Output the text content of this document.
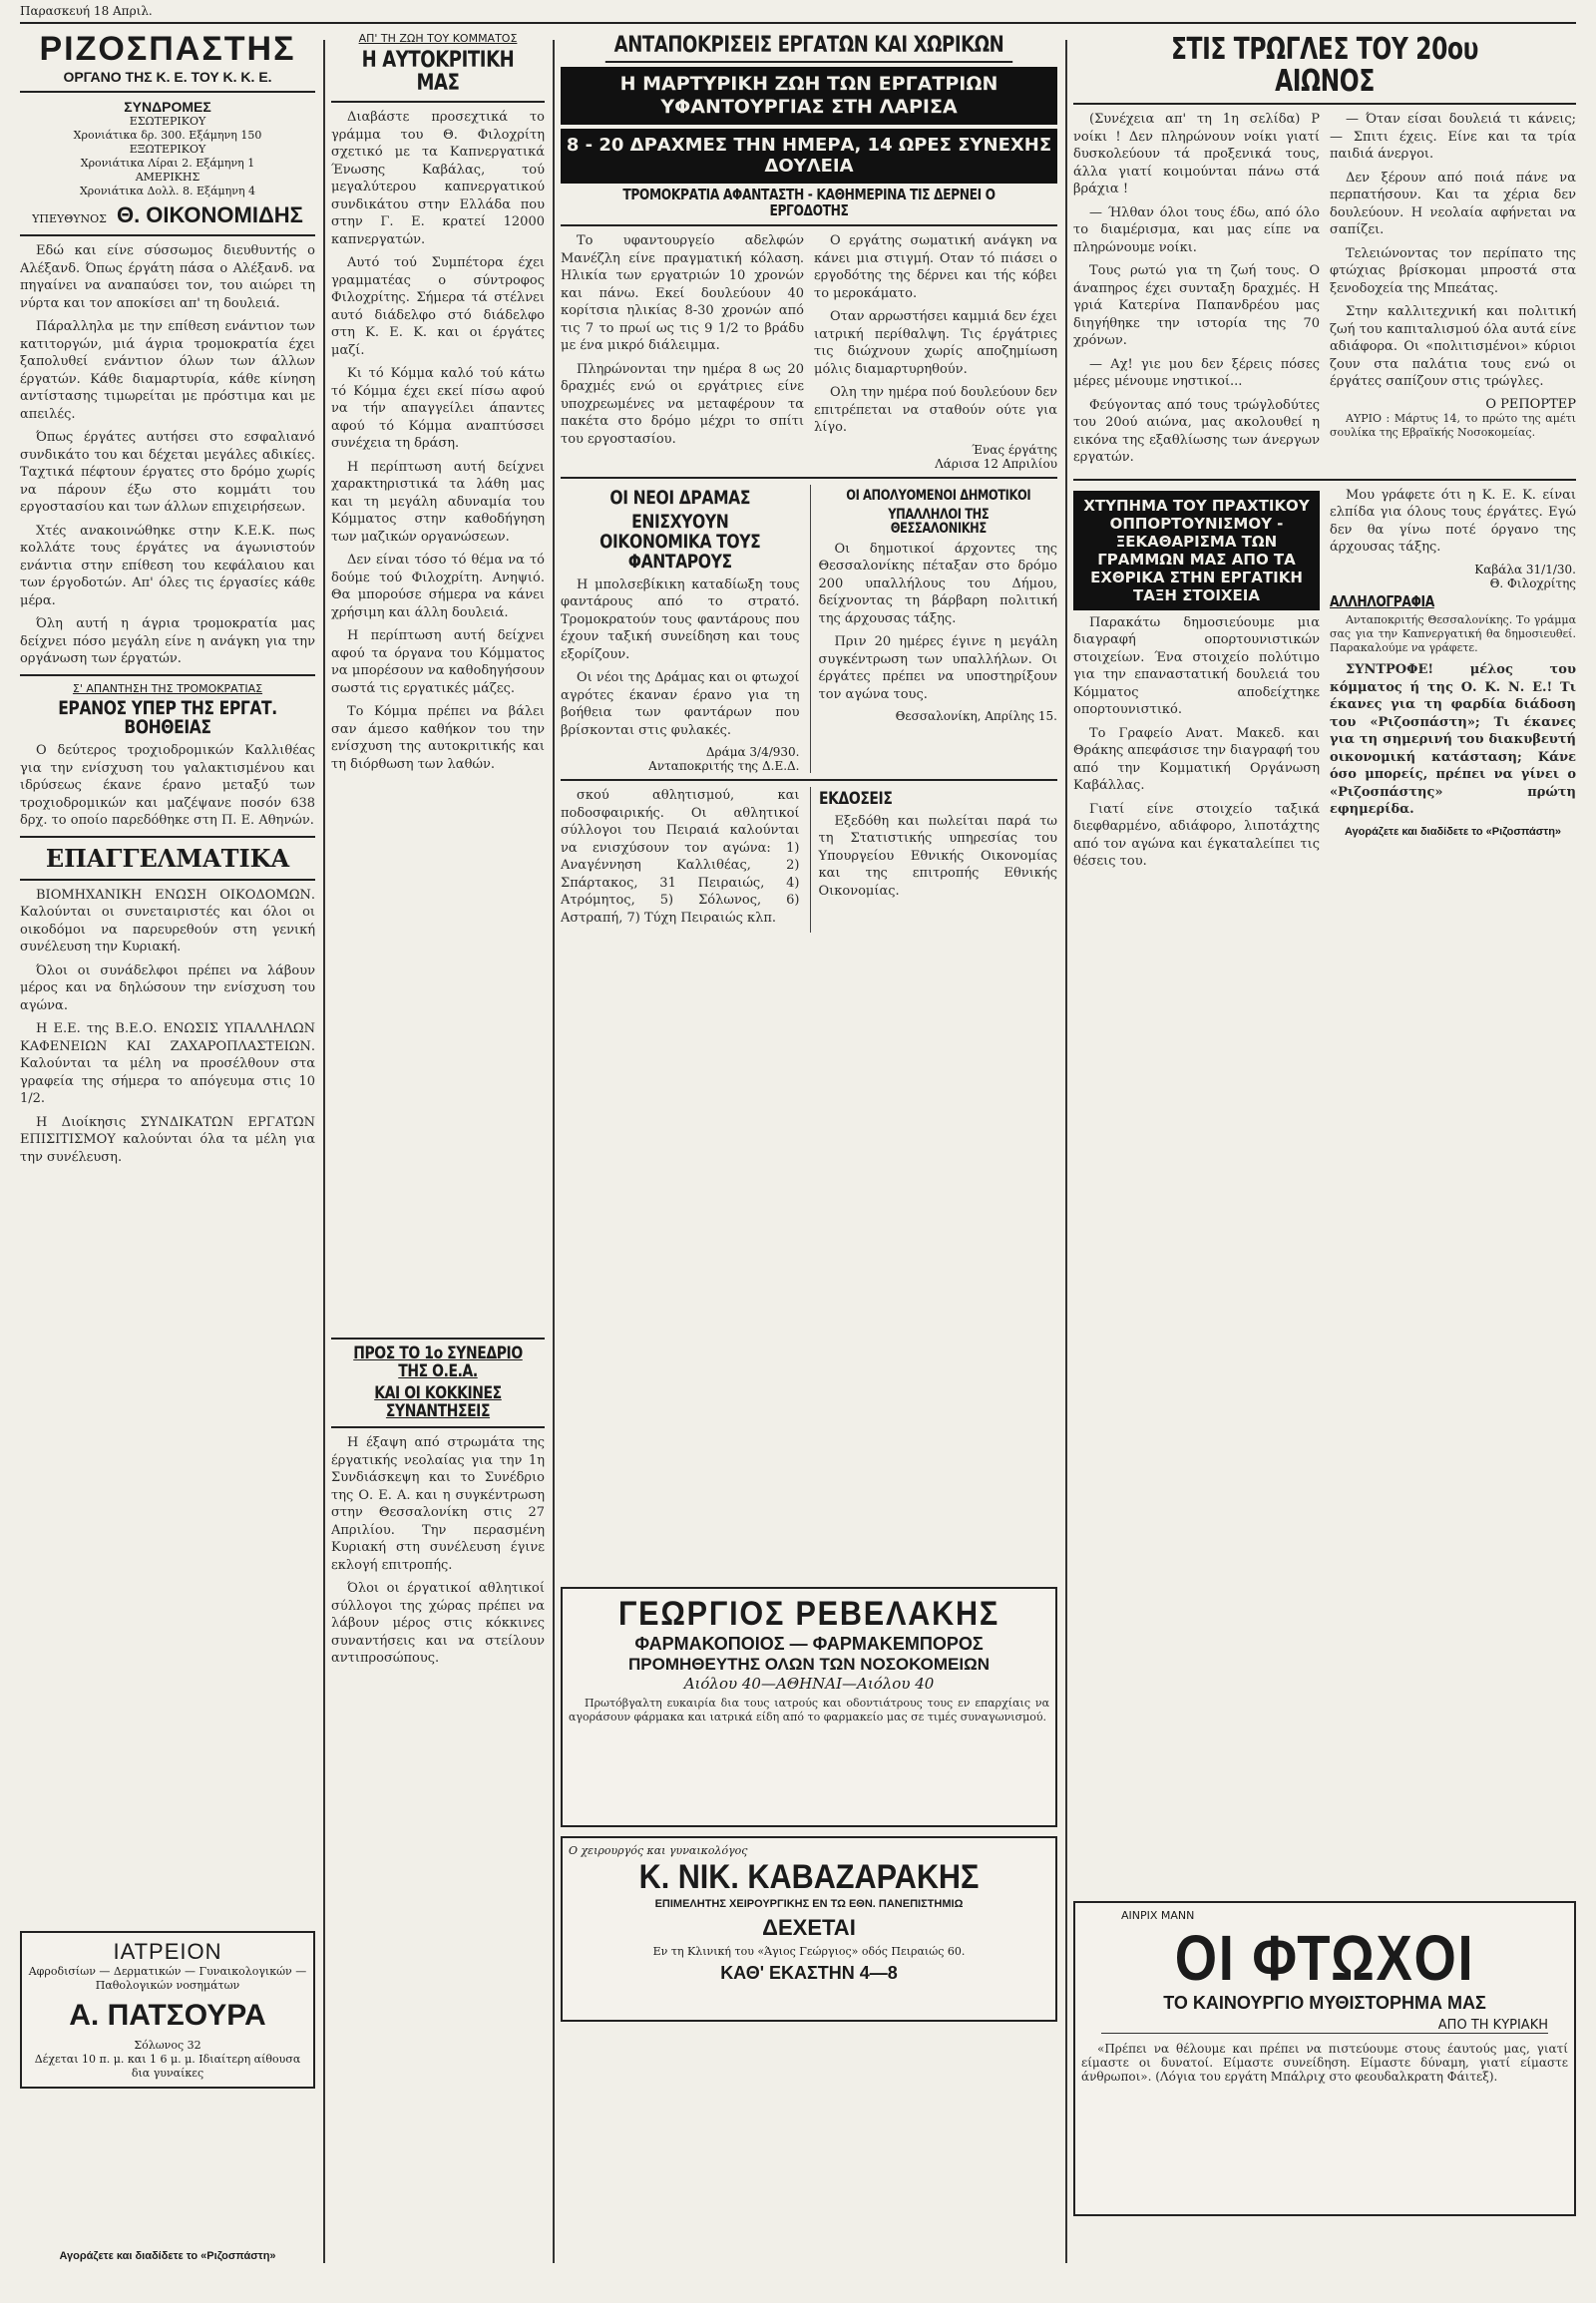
Παρασκευή 18 Απριλ.
ΡΙΖΟΣΠΑΣΤΗΣ
ΟΡΓΑΝΟ ΤΗΣ Κ. Ε. ΤΟΥ Κ. Κ. Ε.
ΣΥΝΔΡΟΜΕΣ
ΕΣΩΤΕΡΙΚΟΥ
Χρονιάτικα δρ. 300. Εξάμηνη 150
ΕΞΩΤΕΡΙΚΟΥ
Χρονιάτικα Λίραι 2. Εξάμηνη 1
ΑΜΕΡΙΚΗΣ
Χρονιάτικα Δολλ. 8. Εξάμηνη 4
ΥΠΕΥΘΥΝΟΣ Θ. ΟΙΚΟΝΟΜΙΔΗΣ

Εδώ και είνε σύσσωμος διευθυντής ο Αλέξανδ. Όπως έργάτη πάσα ο Αλέξανδ. να πηγαίνει να αναπαύσει τον, του αιώρει τη νύρτα και τον αποκίσει απ' τη δουλειά.

Πάραλληλα με την επίθεση ενάντιον των κατιτοργών, μιά άγρια τρομοκρατία έχει ξαπολυθεί ενάντιον όλων των άλλων έργατών. Κάθε διαμαρτυρία, κάθε κίνηση αντίστασης τιμωρείται με πρόστιμα και με απειλές.

Όπως έργάτες αυτήσει στο εσφαλιανό συνδικάτο του και δέχεται μεγάλες αδικίες. Ταχτικά πέφτουν έργατες στο δρόμο χωρίς να πάρουν έξω στο κομμάτι του εργοστασίου και των άλλων επιχειρήσεων.

Χτές ανακοινώθηκε στην Κ.Ε.Κ. πως κολλάτε τους έργάτες να άγωνιστούν ενάντια στην επίθεση του κεφάλαιου και των έργοδοτών. Απ' όλες τις έργασίες κάθε μέρα.

Όλη αυτή η άγρια τρομοκρατία μας δείχνει πόσο μεγάλη είνε η ανάγκη για την οργάνωση των έργατών.

Σ' ΑΠΑΝΤΗΣΗ ΤΗΣ ΤΡΟΜΟΚΡΑΤΙΑΣ
ΕΡΑΝΟΣ ΥΠΕΡ ΤΗΣ ΕΡΓΑΤ. ΒΟΗΘΕΙΑΣ

Ο δεύτερος τροχιοδρομικών Καλλιθέας για την ενίσχυση του γαλακτισμένου και ιδρύσεως έκανε έρανο μεταξύ των τροχιοδρομικών και μαζέψανε ποσόν 638 δρχ. το οποίο παρεδόθηκε στη Π. Ε. Αθηνών.

ΕΠΑΓΓΕΛΜΑΤΙΚΑ

ΒΙΟΜΗΧΑΝΙΚΗ ΕΝΩΣΗ ΟΙΚΟΔΟΜΩΝ. Καλούνται οι συνεταιριστές και όλοι οι οικοδόμοι να παρευρεθούν στη γενική συνέλευση την Κυριακή.

Όλοι οι συνάδελφοι πρέπει να λάβουν μέρος και να δηλώσουν την ενίσχυση του αγώνα.

Η Ε.Ε. της Β.Ε.Ο. ΕΝΩΣΙΣ ΥΠΑΛΛΗΛΩΝ ΚΑΦΕΝΕΙΩΝ ΚΑΙ ΖΑΧΑΡΟΠΛΑΣΤΕΙΩΝ. Καλούνται τα μέλη να προσέλθουν στα γραφεία της σήμερα το απόγευμα στις 10 1/2.

Η Διοίκησις ΣΥΝΔΙΚΑΤΩΝ ΕΡΓΑΤΩΝ ΕΠΙΣΙΤΙΣΜΟΥ καλούνται όλα τα μέλη για την συνέλευση.

ΙΑΤΡΕΙΟΝ
Αφροδισίων — Δερματικών — Γυναικολογικών — Παθολογικών νοσημάτων
Α. ΠΑΤΣΟΥΡΑ
Σόλωνος 32
Δέχεται 10 π. μ. και 1 6 μ. μ. Ιδιαίτερη αίθουσα δια γυναίκες
Αγοράζετε και διαδίδετε το «Ριζοσπάστη»
ΑΠ' ΤΗ ΖΩΗ ΤΟΥ ΚΟΜΜΑΤΟΣ
Η ΑΥΤΟΚΡΙΤΙΚΗ ΜΑΣ

Διαβάστε προσεχτικά το γράμμα του Θ. Φιλοχρίτη σχετικό με τα Καπνεργατικά Ένωσης Καβάλας, τού μεγαλύτερου καπνεργατικού συνδικάτου στην Ελλάδα που στην Γ. Ε. κρατεί 12000 καπνεργατών.

Αυτό τού Συμπέτορα έχει γραμματέας ο σύντροφος Φιλοχρίτης. Σήμερα τά στέλνει αυτό διάδελφο στό διάδελφο στη Κ. Ε. Κ. και οι έργάτες μαζί.

Κι τό Κόμμα καλό τού κάτω τό Κόμμα έχει εκεί πίσω αφού να τήν απαγγείλει άπαντες αφού τό Κόμμα αναπτύσσει συνέχεια τη δράση.

Η περίπτωση αυτή δείχνει χαρακτηριστικά τα λάθη μας και τη μεγάλη αδυναμία του Κόμματος στην καθοδήγηση των μαζικών οργανώσεων.

Δεν είναι τόσο τό θέμα να τό δούμε τού Φιλοχρίτη. Ανηψιό. Θα μπορούσε σήμερα να κάνει χρήσιμη και άλλη δουλειά.

Η περίπτωση αυτή δείχνει αφού τα όργανα του Κόμματος να μπορέσουν να καθοδηγήσουν σωστά τις εργατικές μάζες.

Το Κόμμα πρέπει να βάλει σαν άμεσο καθήκον του την ενίσχυση της αυτοκριτικής και τη διόρθωση των λαθών.

ΠΡΟΣ ΤΟ 1ο ΣΥΝΕΔΡΙΟ ΤΗΣ Ο.Ε.Α.
ΚΑΙ ΟΙ ΚΟΚΚΙΝΕΣ ΣΥΝΑΝΤΗΣΕΙΣ

Η έξαψη από στρωμάτα της έργατικής νεολαίας για την 1η Συνδιάσκεψη και το Συνέδριο της Ο. Ε. Α. και η συγκέντρωση στην Θεσσαλονίκη στις 27 Απριλίου. Την περασμένη Κυριακή στη συνέλευση έγινε εκλογή επιτροπής.

Όλοι οι έργατικοί αθλητικοί σύλλογοι της χώρας πρέπει να λάβουν μέρος στις κόκκινες συναντήσεις και να στείλουν αντιπροσώπους.

ΑΝΤΑΠΟΚΡΙΣΕΙΣ ΕΡΓΑΤΩΝ ΚΑΙ ΧΩΡΙΚΩΝ
Η ΜΑΡΤΥΡΙΚΗ ΖΩΗ ΤΩΝ ΕΡΓΑΤΡΙΩΝ ΥΦΑΝΤΟΥΡΓΙΑΣ ΣΤΗ ΛΑΡΙΣΑ
8 - 20 ΔΡΑΧΜΕΣ ΤΗΝ ΗΜΕΡΑ, 14 ΩΡΕΣ ΣΥΝΕΧΗΣ ΔΟΥΛΕΙΑ
ΤΡΟΜΟΚΡΑΤΙΑ ΑΦΑΝΤΑΣΤΗ - ΚΑΘΗΜΕΡΙΝΑ ΤΙΣ ΔΕΡΝΕΙ Ο ΕΡΓΟΔΟΤΗΣ

Το υφαντουργείο αδελφών Μανέζλη είνε πραγματική κόλαση. Ηλικία των εργατριών 10 χρονών και πάνω. Εκεί δουλεύουν 40 κορίτσια ηλικίας 8-30 χρονών από τις 7 το πρωί ως τις 9 1/2 το βράδυ με ένα μικρό διάλειμμα.

Πληρώνονται την ημέρα 8 ως 20 δραχμές ενώ οι εργάτριες είνε υποχρεωμένες να μεταφέρουν τα πακέτα στο δρόμο μέχρι το σπίτι του εργοστασίου.

Ο εργάτης σωματική ανάγκη να κάνει μια στιγμή. Οταν τό πιάσει ο εργοδότης της δέρνει και τής κόβει το μεροκάματο.

Οταν αρρωστήσει καμμιά δεν έχει ιατρική περίθαλψη. Τις έργάτριες τις διώχνουν χωρίς αποζημίωση μόλις διαμαρτυρηθούν.

Ολη την ημέρα πού δουλεύουν δεν επιτρέπεται να σταθούν ούτε για λίγο.

Ένας έργάτης
Λάρισα 12 Απριλίου
ΟΙ ΝΕΟΙ ΔΡΑΜΑΣ
ΕΝΙΣΧΥΟΥΝ ΟΙΚΟΝΟΜΙΚΑ ΤΟΥΣ ΦΑΝΤΑΡΟΥΣ

Η μπολσεβίκικη καταδίωξη τους φαντάρους από το στρατό. Τρομοκρατούν τους φαντάρους που έχουν ταξική συνείδηση και τους εξορίζουν.

Οι νέοι της Δράμας και οι φτωχοί αγρότες έκαναν έρανο για τη βοήθεια των φαντάρων που βρίσκονται στις φυλακές.

Δράμα 3/4/930.
Ανταποκριτής της Δ.Ε.Δ.
ΟΙ ΑΠΟΛΥΟΜΕΝΟΙ ΔΗΜΟΤΙΚΟΙ
ΥΠΑΛΛΗΛΟΙ ΤΗΣ ΘΕΣΣΑΛΟΝΙΚΗΣ

Οι δημοτικοί άρχοντες της Θεσσαλονίκης πέταξαν στο δρόμο 200 υπαλλήλους του Δήμου, δείχνοντας τη βάρβαρη πολιτική της άρχουσας τάξης.

Πριν 20 ημέρες έγινε η μεγάλη συγκέντρωση των υπαλλήλων. Οι έργάτες πρέπει να υποστηρίξουν τον αγώνα τους.

Θεσσαλονίκη, Απρίλης 15.

σκού αθλητισμού, και ποδοσφαιρικής. Οι αθλητικοί σύλλογοι του Πειραιά καλούνται να ενισχύσουν τον αγώνα: 1) Αναγέννηση Καλλιθέας, 2) Σπάρτακος, 31 Πειραιώς, 4) Ατρόμητος, 5) Σόλωνος, 6) Αστραπή, 7) Τύχη Πειραιώς κλπ.

ΕΚΔΟΣΕΙΣ

Εξεδόθη και πωλείται παρά τω τη Στατιστικής υπηρεσίας του Υπουργείου Εθνικής Οικονομίας και της επιτροπής Εθνικής Οικονομίας.

ΓΕΩΡΓΙΟΣ ΡΕΒΕΛΑΚΗΣ
ΦΑΡΜΑΚΟΠΟΙΟΣ — ΦΑΡΜΑΚΕΜΠΟΡΟΣ
ΠΡΟΜΗΘΕΥΤΗΣ ΟΛΩΝ ΤΩΝ ΝΟΣΟΚΟΜΕΙΩΝ
Αιόλου 40—ΑΘΗΝΑΙ—Αιόλου 40

Πρωτόβγαλτη ευκαιρία δια τους ιατρούς και οδοντιάτρους τους εν επαρχίαις να αγοράσουν φάρμακα και ιατρικά είδη από το φαρμακείο μας σε τιμές συναγωνισμού.

Ο χειρουργός και γυναικολόγος
Κ. ΝΙΚ. ΚΑΒΑΖΑΡΑΚΗΣ
ΕΠΙΜΕΛΗΤΗΣ ΧΕΙΡΟΥΡΓΙΚΗΣ ΕΝ ΤΩ ΕΘΝ. ΠΑΝΕΠΙΣΤΗΜΙΩ
ΔΕΧΕΤΑΙ
Εν τη Κλινική του «Άγιος Γεώργιος» οδός Πειραιώς 60.
ΚΑΘ' ΕΚΑΣΤΗΝ 4—8
ΣΤΙΣ ΤΡΩΓΛΕΣ ΤΟΥ 20ου ΑΙΩΝΟΣ

(Συνέχεια απ' τη 1η σελίδα) Ρ νοίκι ! Δεν πληρώνουν νοίκι γιατί δυσκολεύουν τά προξενικά τους, άλλα γιατί κοιμούνται πάνω στά βράχια !

— Ήλθαν όλοι τους έδω, από όλο το διαμέρισμα, και μας είπε να πληρώνουμε νοίκι.

Τους ρωτώ για τη ζωή τους. Ο άναπηρος έχει συνταξη δραχμές. Η γριά Κατερίνα Παπανδρέου μας διηγήθηκε την ιστορία της 70 χρόνων.

— Αχ! γιε μου δεν ξέρεις πόσες μέρες μένουμε νηστικοί...

Φεύγοντας από τους τρώγλοδύτες του 20ού αιώνα, μας ακολουθεί η εικόνα της εξαθλίωσης των άνεργων εργατών.

— Όταν είσαι δουλειά τι κάνεις; — Σπιτι έχεις. Είνε και τα τρία παιδιά άνεργοι.

Δεν ξέρουν από ποιά πάνε να περπατήσουν. Και τα χέρια δεν δουλεύουν. Η νεολαία αφήνεται να σαπίζει.

Τελειώνοντας τον περίπατο της φτώχιας βρίσκομαι μπροστά στα ξενοδοχεία της Μπεάτας.

Στην καλλιτεχνική και πολιτική ζωή του καπιταλισμού όλα αυτά είνε αδιάφορα. Οι «πολιτισμένοι» κύριοι ζουν στα παλάτια τους ενώ οι έργάτες σαπίζουν στις τρώγλες.

Ο ΡΕΠΟΡΤΕΡ

ΑΥΡΙΟ : Μάρτυς 14, το πρώτο της αμέτι σουλίκα της Εβραϊκής Νοσοκομείας.

ΧΤΥΠΗΜΑ ΤΟΥ ΠΡΑΧΤΙΚΟΥ ΟΠΠΟΡΤΟΥΝΙΣΜΟΥ - ΞΕΚΑΘΑΡΙΣΜΑ ΤΩΝ ΓΡΑΜΜΩΝ ΜΑΣ ΑΠΟ ΤΑ ΕΧΘΡΙΚΑ ΣΤΗΝ ΕΡΓΑΤΙΚΗ ΤΑΞΗ ΣΤΟΙΧΕΙΑ

Παρακάτω δημοσιεύουμε μια διαγραφή οπορτουνιστικών στοιχείων. Ένα στοιχείο πολύτιμο για την επαναστατική δουλειά του Κόμματος αποδείχτηκε οπορτουνιστικό.

Το Γραφείο Ανατ. Μακεδ. και Θράκης απεφάσισε την διαγραφή του από την Κομματική Οργάνωση Καβάλλας.

Γιατί είνε στοιχείο ταξικά διεφθαρμένο, αδιάφορο, λιποτάχτης από τον αγώνα και έγκαταλείπει τις θέσεις του.

Μου γράφετε ότι η Κ. Ε. Κ. είναι ελπίδα για όλους τους έργάτες. Εγώ δεν θα γίνω ποτέ όργανο της άρχουσας τάξης.

Καβάλα 31/1/30.
Θ. Φιλοχρίτης
ΑΛΛΗΛΟΓΡΑΦΙΑ

Ανταποκριτής Θεσσαλονίκης. Το γράμμα σας για την Καπνεργατική θα δημοσιευθεί. Παρακαλούμε να γράφετε.

ΣΥΝΤΡΟΦΕ! μέλος του κόμματος ή της Ο. Κ. Ν. Ε.! Τι έκανες για τη φαρδία διάδοση του «Ριζοσπάστη»; Τι έκανες για τη σημερινή του διακυβευτή οικονομική κατάσταση; Κάνε όσο μπορείς, πρέπει να γίνει ο «Ριζοσπάστης» πρώτη εφημερίδα.

Αγοράζετε και διαδίδετε το «Ριζοσπάστη»
ΑΙΝΡΙΧ ΜΑΝΝ
ΟΙ ΦΤΩΧΟΙ
ΤΟ ΚΑΙΝΟΥΡΓΙΟ ΜΥΘΙΣΤΟΡΗΜΑ ΜΑΣ
ΑΠΟ ΤΗ ΚΥΡΙΑΚΗ

«Πρέπει να θέλουμε και πρέπει να πιστεύουμε στους έαυτούς μας, γιατί είμαστε οι δυνατοί. Είμαστε συνείδηση. Είμαστε δύναμη, γιατί είμαστε άνθρωποι». (Λόγια του εργάτη Μπάλριχ στο φεουδαλκρατη Φάιτεξ).
